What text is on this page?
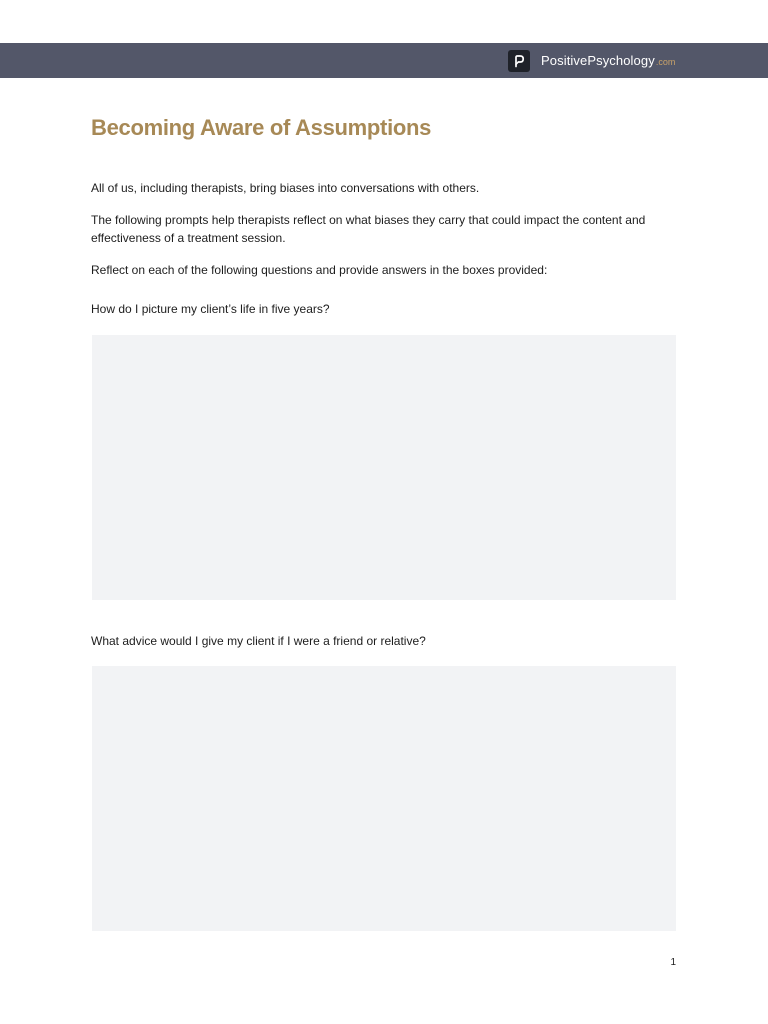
PositivePsychology .com
Becoming Aware of Assumptions

All of us, including therapists, bring biases into conversations with others.

The following prompts help therapists reflect on what biases they carry that could impact the content and effectiveness of a treatment session.

Reflect on each of the following questions and provide answers in the boxes provided:

How do I picture my client’s life in five years?

What advice would I give my client if I were a friend or relative?

1
